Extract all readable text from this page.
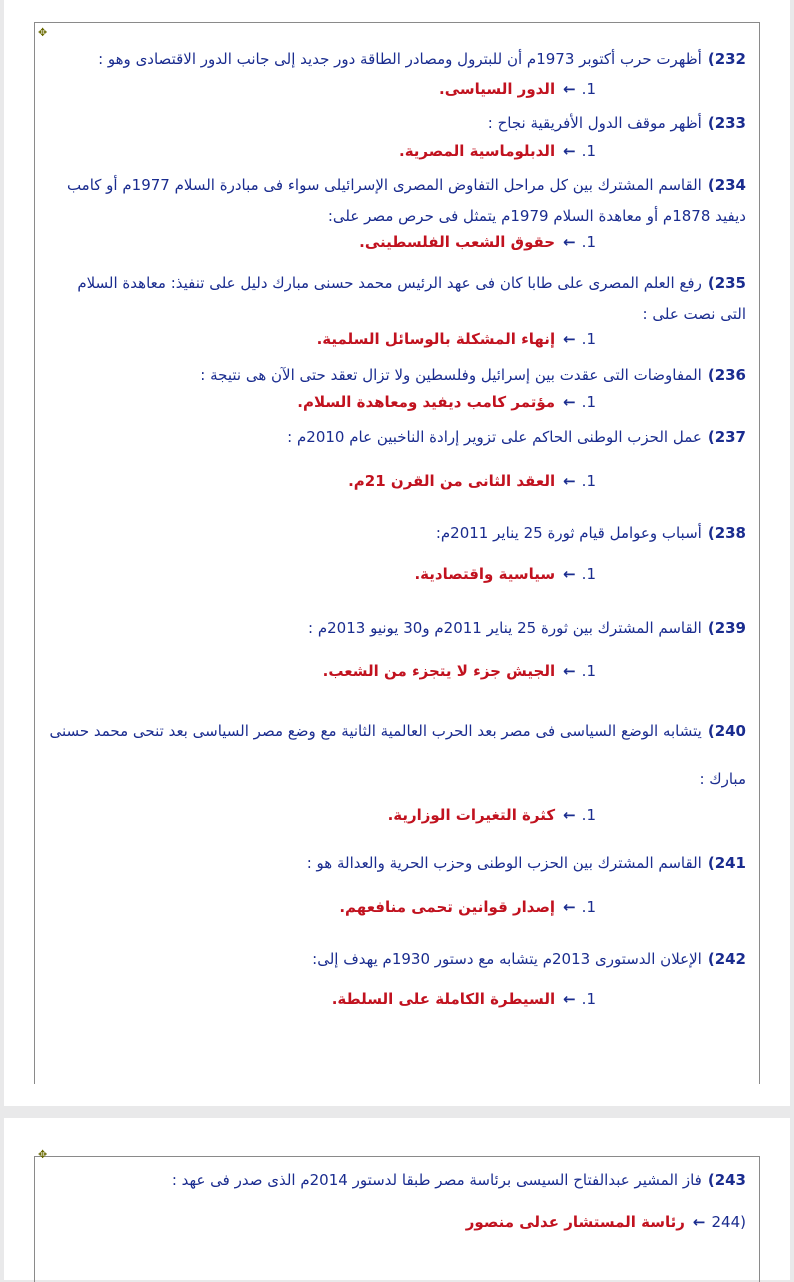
✥
232)أظهرت حرب أكتوبر 1973م أن للبترول ومصادر الطاقة دور جديد إلى جانب الدور الاقتصادى وهو :
1.←الدور السياسى.
233)أظهر موقف الدول الأفريقية نجاح :
1.←الدبلوماسية المصرية.
234)القاسم المشترك بين كل مراحل التفاوض المصرى الإسرائيلى سواء فى مبادرة السلام 1977م أو كامب ديفيد 1878م أو معاهدة السلام 1979م يتمثل فى حرص مصر على:
1.←حقوق الشعب الفلسطينى.
235)رفع العلم المصرى على طابا كان فى عهد الرئيس محمد حسنى مبارك دليل على تنفيذ: معاهدة السلام التى نصت على :
1.←إنهاء المشكلة بالوسائل السلمية.
236)المفاوضات التى عقدت بين إسرائيل وفلسطين ولا تزال تعقد حتى الآن هى نتيجة :
1.←مؤتمر كامب ديفيد ومعاهدة السلام.
237)عمل الحزب الوطنى الحاكم على تزوير إرادة الناخبين عام 2010م :
1.←العقد الثانى من القرن 21م.
238)أسباب وعوامل قيام ثورة 25 يناير 2011م:
1.←سياسية واقتصادية.
239)القاسم المشترك بين ثورة 25 يناير 2011م و30 يونيو 2013م :
1.←الجيش جزء لا يتجزء من الشعب.
240)يتشابه الوضع السياسى فى مصر بعد الحرب العالمية الثانية مع وضع مصر السياسى بعد تنحى محمد حسنى مبارك :
1.←كثرة التغيرات الوزارية.
241)القاسم المشترك بين الحزب الوطنى وحزب الحرية والعدالة هو :
1.←إصدار قوانين تحمى منافعهم.
242)الإعلان الدستورى 2013م يتشابه مع دستور 1930م يهدف إلى:
1.←السيطرة الكاملة على السلطة.
✥
243)فاز المشير عبدالفتاح السيسى برئاسة مصر طبقا لدستور 2014م الذى صدر فى عهد :
(244←رئاسة المستشار عدلى منصور
